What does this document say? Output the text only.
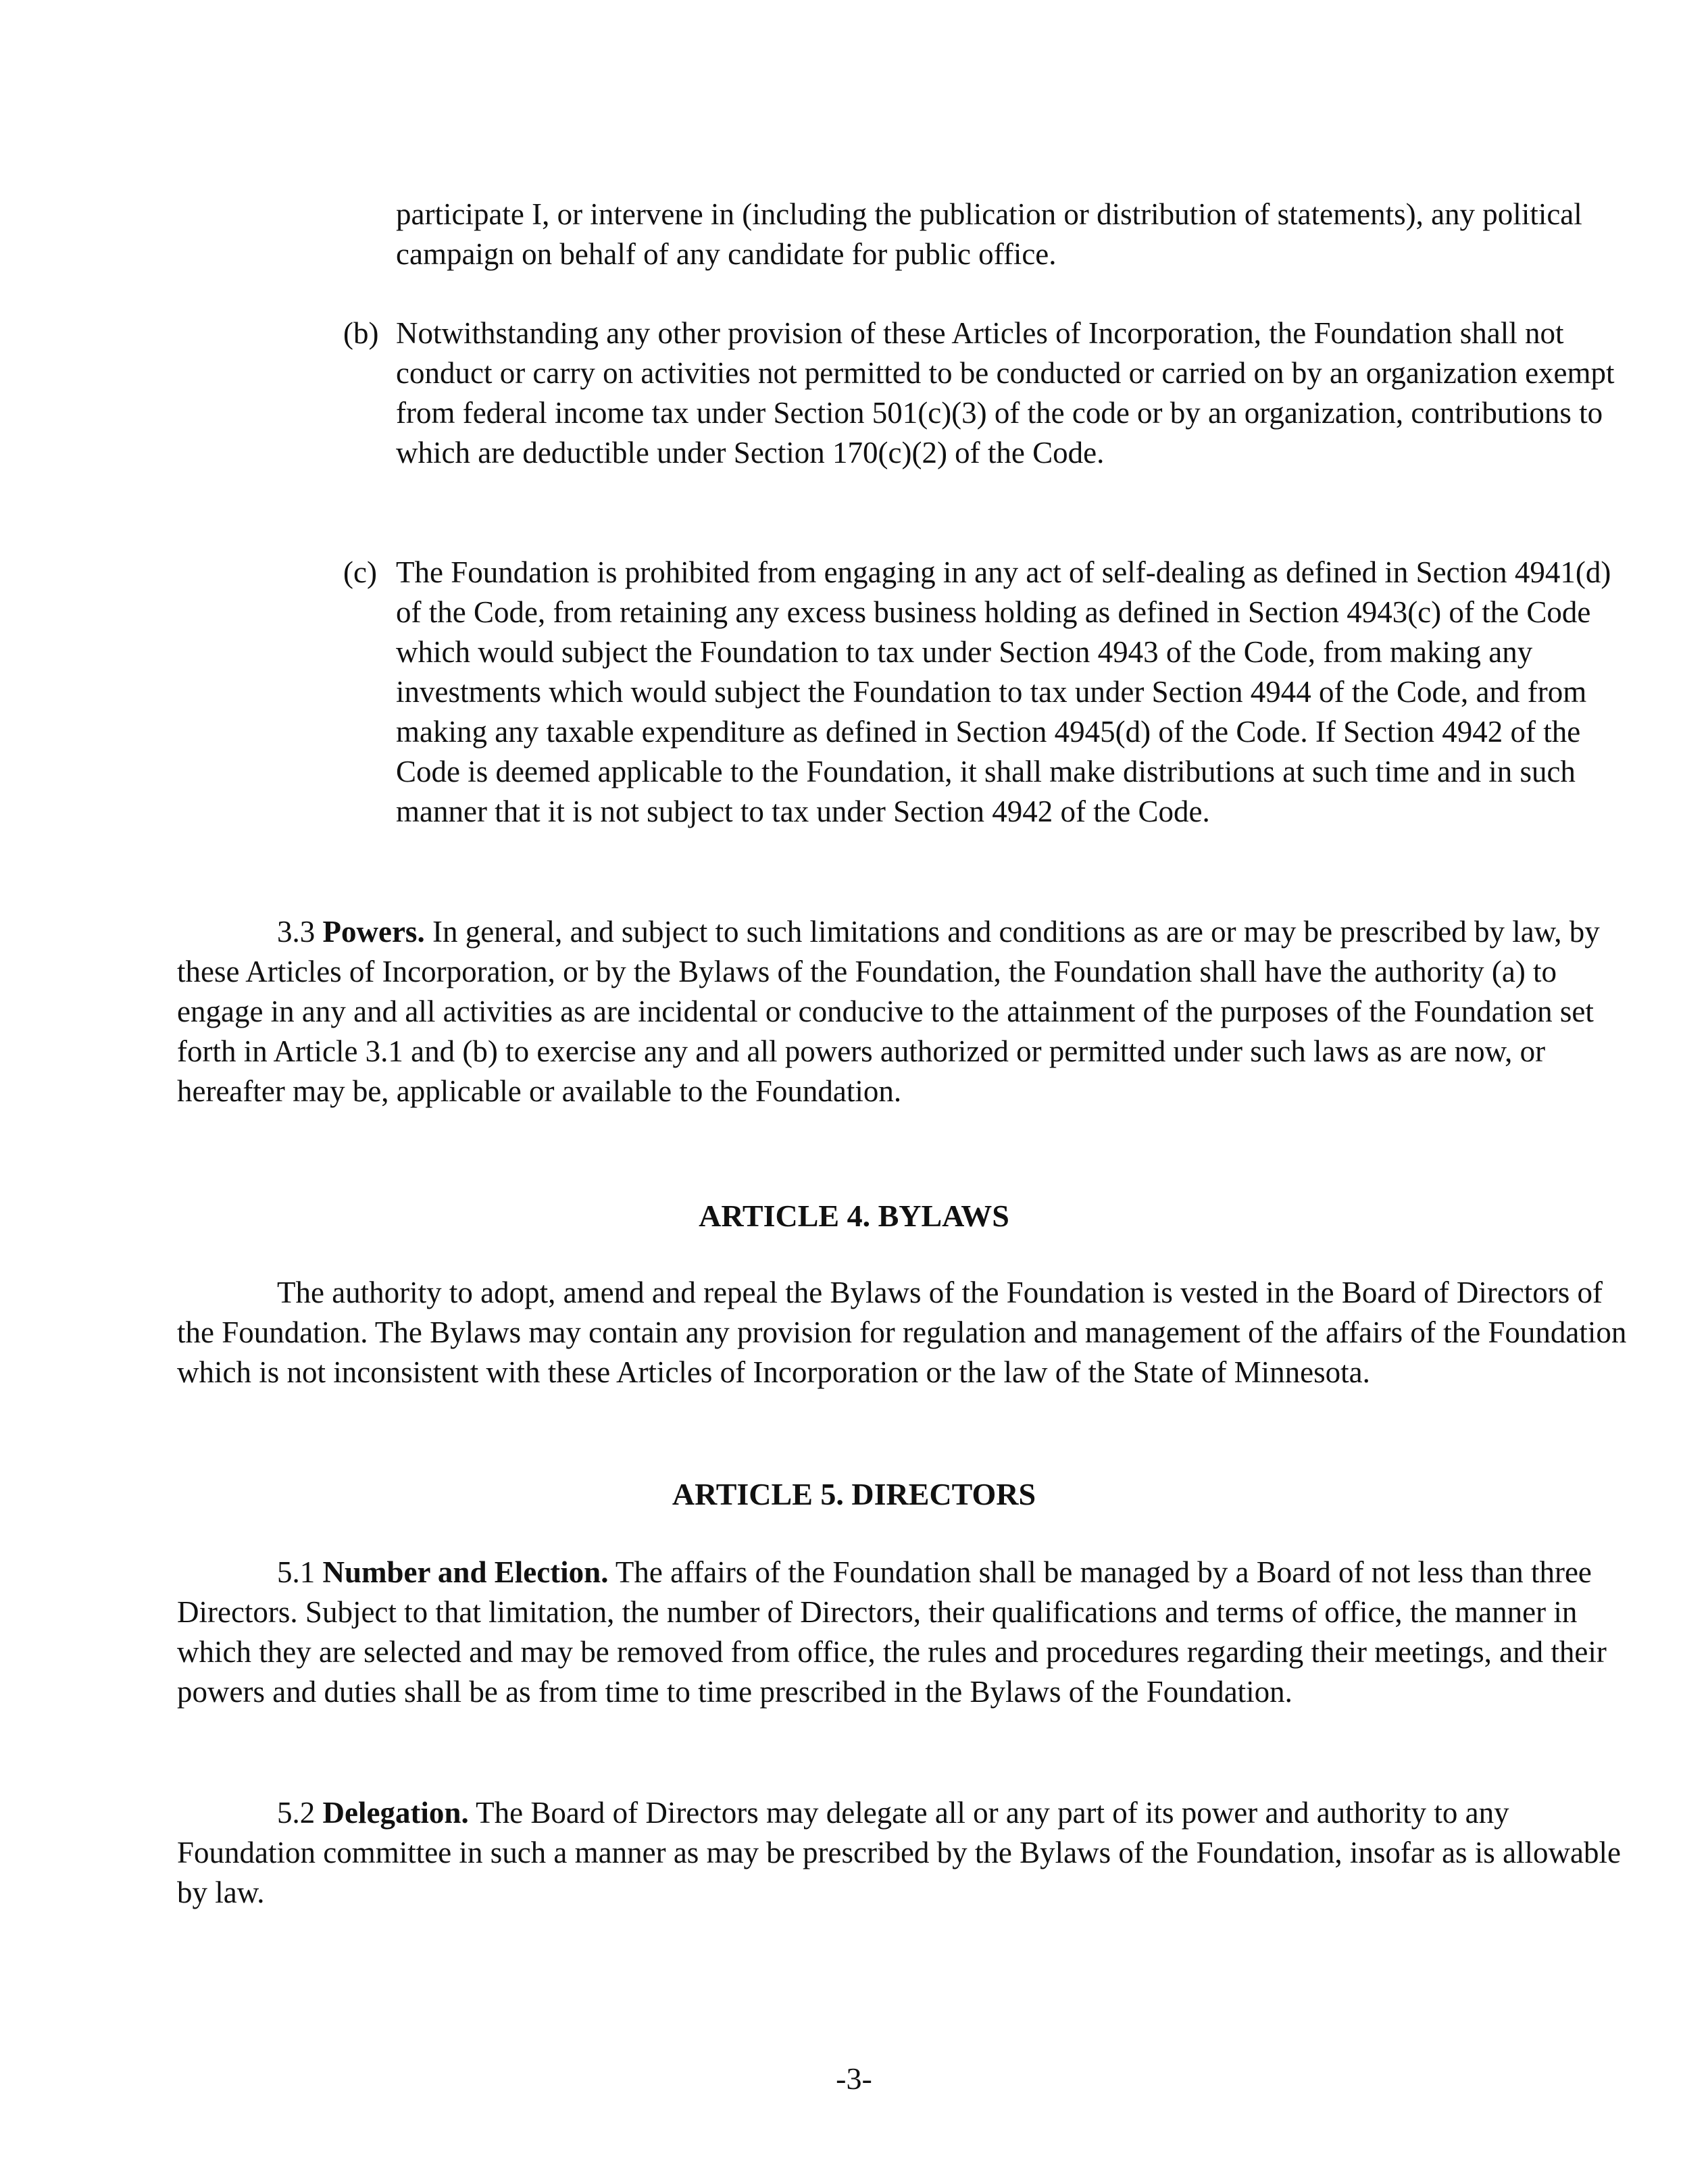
participate I, or intervene in (including the publication or distribution of statements), any political campaign on behalf of any candidate for public office.

(b) Notwithstanding any other provision of these Articles of Incorporation, the Foundation shall not conduct or carry on activities not permitted to be conducted or carried on by an organization exempt from federal income tax under Section 501(c)(3) of the code or by an organization, contributions to which are deductible under Section 170(c)(2) of the Code.
(c) The Foundation is prohibited from engaging in any act of self-dealing as defined in Section 4941(d) of the Code, from retaining any excess business holding as defined in Section 4943(c) of the Code which would subject the Foundation to tax under Section 4943 of the Code, from making any investments which would subject the Foundation to tax under Section 4944 of the Code, and from making any taxable expenditure as defined in Section 4945(d) of the Code. If Section 4942 of the Code is deemed applicable to the Foundation, it shall make distributions at such time and in such manner that it is not subject to tax under Section 4942 of the Code.

3.3 Powers. In general, and subject to such limitations and conditions as are or may be prescribed by law, by these Articles of Incorporation, or by the Bylaws of the Foundation, the Foundation shall have the authority (a) to engage in any and all activities as are incidental or conducive to the attainment of the purposes of the Foundation set forth in Article 3.1 and (b) to exercise any and all powers authorized or permitted under such laws as are now, or hereafter may be, applicable or available to the Foundation.

ARTICLE 4. BYLAWS

The authority to adopt, amend and repeal the Bylaws of the Foundation is vested in the Board of Directors of the Foundation. The Bylaws may contain any provision for regulation and management of the affairs of the Foundation which is not inconsistent with these Articles of Incorporation or the law of the State of Minnesota.

ARTICLE 5. DIRECTORS

5.1 Number and Election. The affairs of the Foundation shall be managed by a Board of not less than three Directors. Subject to that limitation, the number of Directors, their qualifications and terms of office, the manner in which they are selected and may be removed from office, the rules and procedures regarding their meetings, and their powers and duties shall be as from time to time prescribed in the Bylaws of the Foundation.

5.2 Delegation. The Board of Directors may delegate all or any part of its power and authority to any Foundation committee in such a manner as may be prescribed by the Bylaws of the Foundation, insofar as is allowable by law.

-3-
